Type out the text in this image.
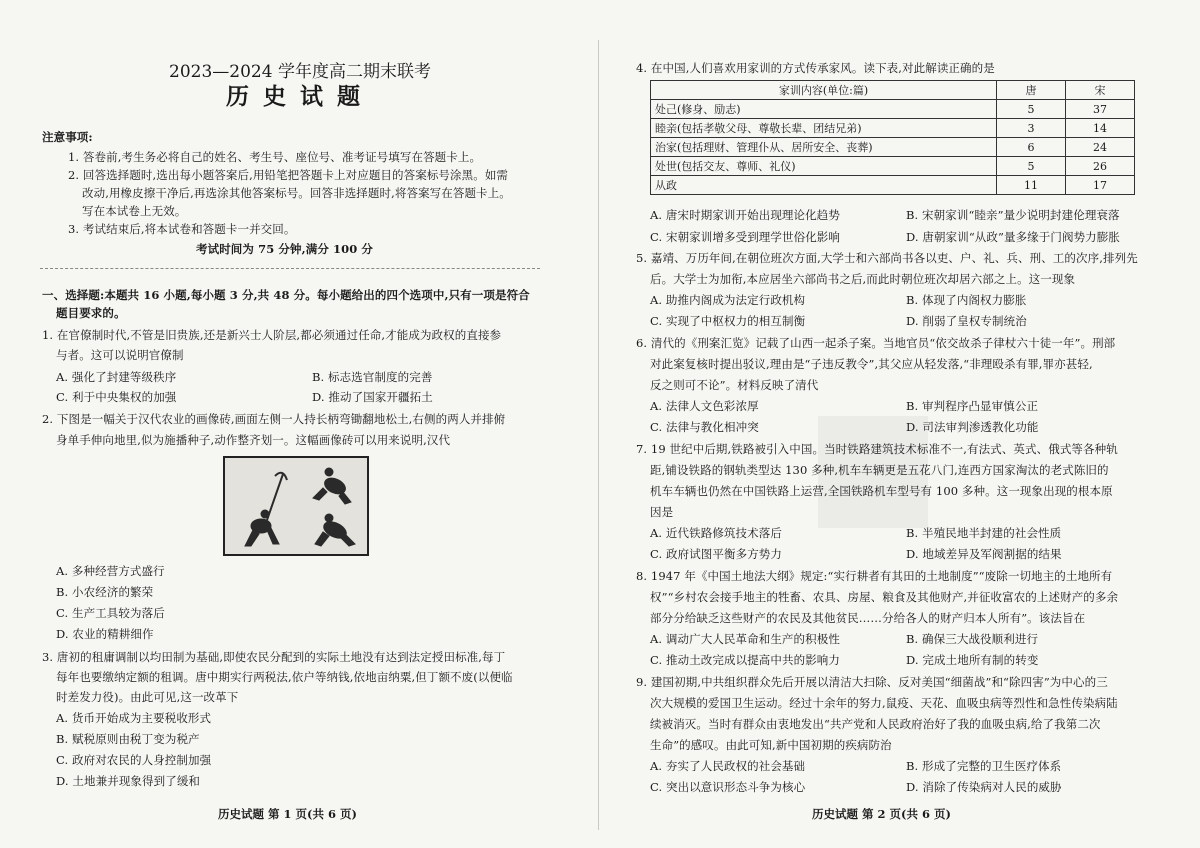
2023—2024 学年度高二期末联考
历史试题
注意事项:
1. 答卷前,考生务必将自己的姓名、考生号、座位号、准考证号填写在答题卡上。
2. 回答选择题时,选出每小题答案后,用铅笔把答题卡上对应题目的答案标号涂黑。如需
改动,用橡皮擦干净后,再选涂其他答案标号。回答非选择题时,将答案写在答题卡上。
写在本试卷上无效。
3. 考试结束后,将本试卷和答题卡一并交回。
考试时间为 75 分钟,满分 100 分
一、选择题:本题共 16 小题,每小题 3 分,共 48 分。每小题给出的四个选项中,只有一项是符合
题目要求的。
1. 在官僚制时代,不管是旧贵族,还是新兴士人阶层,都必须通过任命,才能成为政权的直接参
与者。这可以说明官僚制
A. 强化了封建等级秩序	B. 标志选官制度的完善
C. 利于中央集权的加强	D. 推动了国家开疆拓土
2. 下图是一幅关于汉代农业的画像砖,画面左侧一人持长柄弯锄翻地松土,右侧的两人并排俯
身单手伸向地里,似为施播种子,动作整齐划一。这幅画像砖可以用来说明,汉代
A. 多种经营方式盛行
B. 小农经济的繁荣
C. 生产工具较为落后
D. 农业的精耕细作
3. 唐初的租庸调制以均田制为基础,即使农民分配到的实际土地没有达到法定授田标准,每丁
每年也要缴纳定额的租调。唐中期实行两税法,依户等纳钱,依地亩纳粟,但丁额不废(以便临
时差发力役)。由此可见,这一改革下
A. 货币开始成为主要税收形式
B. 赋税原则由税丁变为税产
C. 政府对农民的人身控制加强
D. 土地兼并现象得到了缓和
历史试题 第 1 页(共 6 页)
4. 在中国,人们喜欢用家训的方式传承家风。读下表,对此解读正确的是
家训内容(单位:篇)	唐	宋
处己(修身、励志)	5	37
睦亲(包括孝敬父母、尊敬长辈、团结兄弟)	3	14
治家(包括理财、管理仆从、居所安全、丧葬)	6	24
处世(包括交友、尊师、礼仪)	5	26
从政	11	17
A. 唐宋时期家训开始出现理论化趋势	B. 宋朝家训“睦亲”量少说明封建伦理衰落
C. 宋朝家训增多受到理学世俗化影响	D. 唐朝家训“从政”量多缘于门阀势力膨胀
5. 嘉靖、万历年间,在朝位班次方面,大学士和六部尚书各以吏、户、礼、兵、刑、工的次序,排列先
后。大学士为加衔,本应居坐六部尚书之后,而此时朝位班次却居六部之上。这一现象
A. 助推内阁成为法定行政机构	B. 体现了内阁权力膨胀
C. 实现了中枢权力的相互制衡	D. 削弱了皇权专制统治
6. 清代的《刑案汇览》记载了山西一起杀子案。当地官员“依交故杀子律杖六十徒一年”。刑部
对此案复核时提出驳议,理由是“子违反教令”,其父应从轻发落,“非理殴杀有罪,罪亦甚轻,
反之则可不论”。材料反映了清代
A. 法律人文色彩浓厚	B. 审判程序凸显审慎公正
C. 法律与教化相冲突	D. 司法审判渗透教化功能
7. 19 世纪中后期,铁路被引入中国。当时铁路建筑技术标准不一,有法式、英式、俄式等各种轨
距,铺设铁路的钢轨类型达 130 多种,机车车辆更是五花八门,连西方国家淘汰的老式陈旧的
机车车辆也仍然在中国铁路上运营,全国铁路机车型号有 100 多种。这一现象出现的根本原
因是
A. 近代铁路修筑技术落后	B. 半殖民地半封建的社会性质
C. 政府试图平衡多方势力	D. 地域差异及军阀割据的结果
8. 1947 年《中国土地法大纲》规定:“实行耕者有其田的土地制度”“废除一切地主的土地所有
权”“乡村农会接手地主的牲畜、农具、房屋、粮食及其他财产,并征收富农的上述财产的多余
部分分给缺乏这些财产的农民及其他贫民……分给各人的财产归本人所有”。该法旨在
A. 调动广大人民革命和生产的积极性	B. 确保三大战役顺利进行
C. 推动土改完成以提高中共的影响力	D. 完成土地所有制的转变
9. 建国初期,中共组织群众先后开展以清洁大扫除、反对美国“细菌战”和“除四害”为中心的三
次大规模的爱国卫生运动。经过十余年的努力,鼠疫、天花、血吸虫病等烈性和急性传染病陆
续被消灭。当时有群众由衷地发出“共产党和人民政府治好了我的血吸虫病,给了我第二次
生命”的感叹。由此可知,新中国初期的疾病防治
A. 夯实了人民政权的社会基础	B. 形成了完整的卫生医疗体系
C. 突出以意识形态斗争为核心	D. 消除了传染病对人民的威胁
历史试题 第 2 页(共 6 页)
